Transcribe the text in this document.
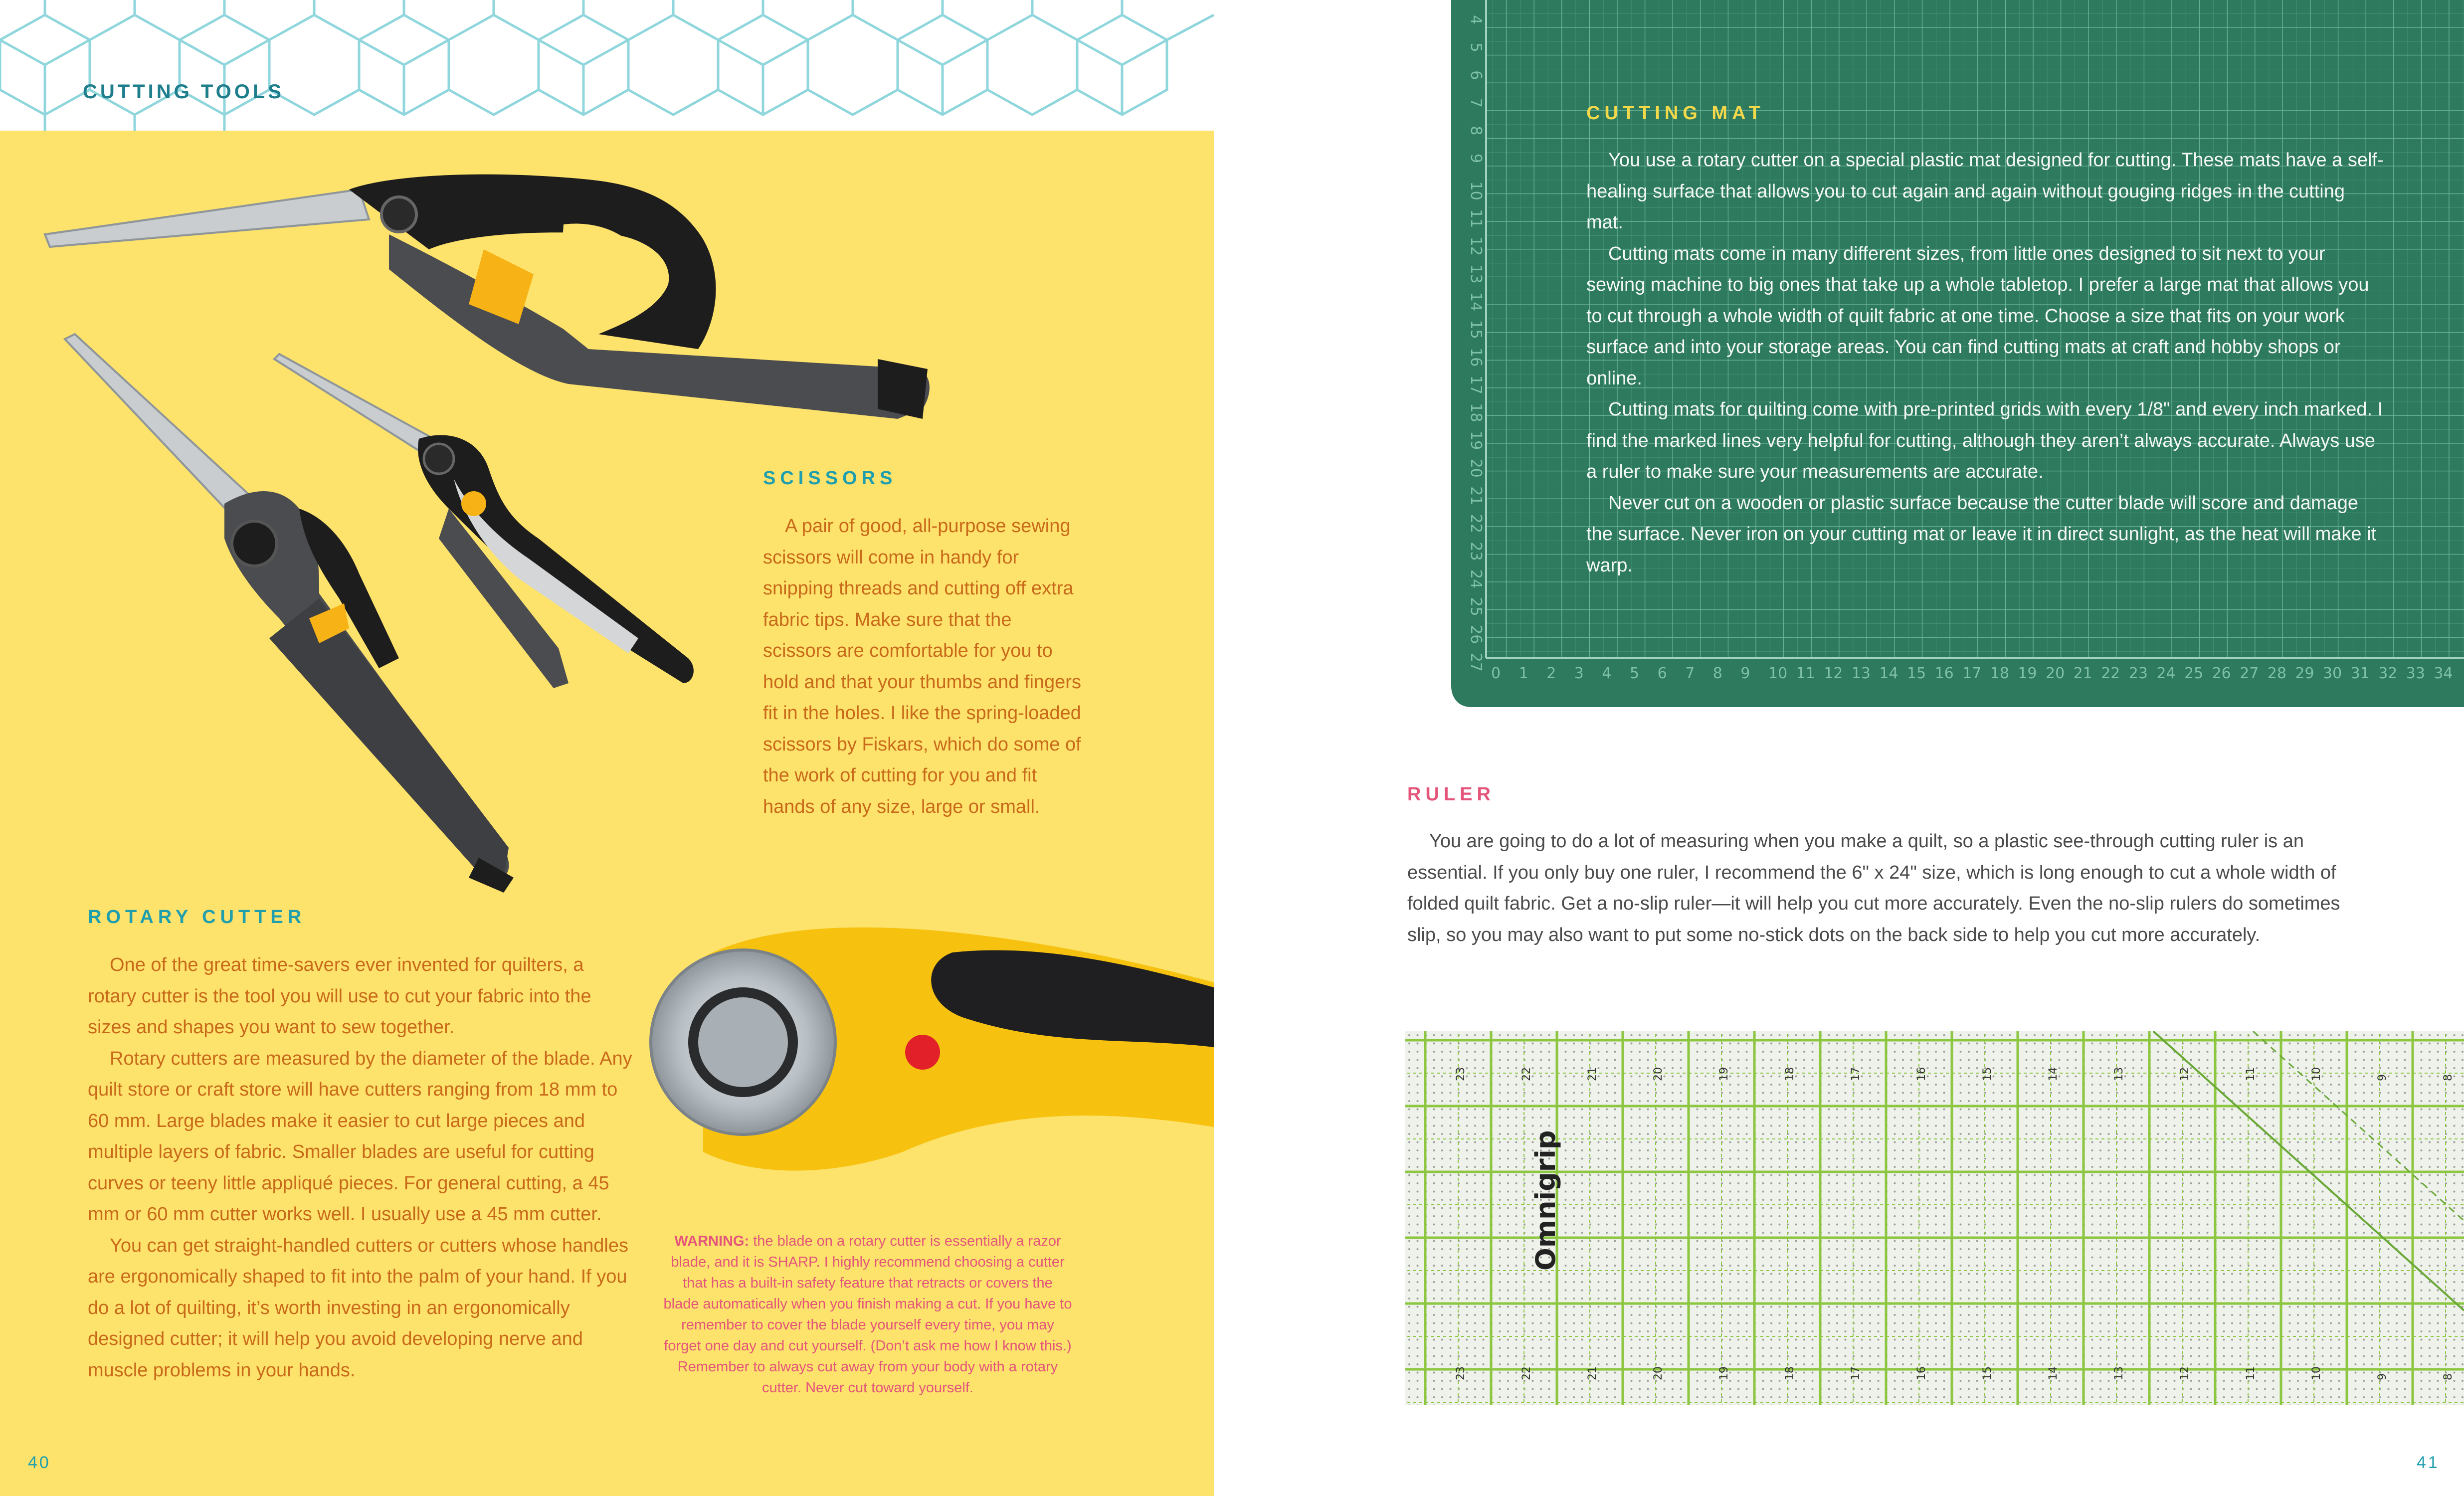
CUTTING TOOLS
SCISSORS

A pair of good, all-purpose sewing scissors will come in handy for snipping threads and cutting off extra fabric tips. Make sure that the scissors are comfortable for you to hold and that your thumbs and fingers fit in the holes. I like the spring-loaded scissors by Fiskars, which do some of the work of cutting for you and fit hands of any size, large or small.

ROTARY CUTTER

One of the great time-savers ever invented for quilters, a rotary cutter is the tool you will use to cut your fabric into the sizes and shapes you want to sew together.

Rotary cutters are measured by the diameter of the blade. Any quilt store or craft store will have cutters ranging from 18 mm to 60 mm. Large blades make it easier to cut large pieces and multiple layers of fabric. Smaller blades are useful for cutting curves or teeny little appliqué pieces. For general cutting, a 45 mm or 60 mm cutter works well. I usually use a 45 mm cutter.

You can get straight-handled cutters or cutters whose handles are ergonomically shaped to fit into the palm of your hand. If you do a lot of quilting, it’s worth investing in an ergonomically designed cutter; it will help you avoid developing nerve and muscle problems in your hands.

WARNING: the blade on a rotary cutter is essentially a razor blade, and it is SHARP. I highly recommend choosing a cutter that has a built-in safety feature that retracts or covers the blade automatically when you finish making a cut. If you have to remember to cover the blade yourself every time, you may forget one day and cut yourself. (Don’t ask me how I know this.) Remember to always cut away from your body with a rotary cutter. Never cut toward yourself.
40
4
5
6
7
8
9
10
11
12
13
14
15
16
17
18
19
20
21
22
23
24
25
26
27
0 1 2 3 4 5 6 7 8 9 10 11 12 13 14 15 16 17 18 19 20 21 22 23 24 25 26 27 28 29 30 31 32 33 34
CUTTING MAT

You use a rotary cutter on a special plastic mat designed for cutting. These mats have a self-healing surface that allows you to cut again and again without gouging ridges in the cutting mat.

Cutting mats come in many different sizes, from little ones designed to sit next to your sewing machine to big ones that take up a whole tabletop. I prefer a large mat that allows you to cut through a whole width of quilt fabric at one time. Choose a size that fits on your work surface and into your storage areas. You can find cutting mats at craft and hobby shops or online.

Cutting mats for quilting come with pre-printed grids with every 1/8" and every inch marked. I find the marked lines very helpful for cutting, although they aren’t always accurate. Always use a ruler to make sure your measurements are accurate.

Never cut on a wooden or plastic surface because the cutter blade will score and damage the surface. Never iron on your cutting mat or leave it in direct sunlight, as the heat will make it warp.

RULER

You are going to do a lot of measuring when you make a quilt, so a plastic see-through cutting ruler is an essential. If you only buy one ruler, I recommend the 6" x 24" size, which is long enough to cut a whole width of folded quilt fabric. Get a no-slip ruler—it will help you cut more accurately. Even the no-slip rulers do sometimes slip, so you may also want to put some no-stick dots on the back side to help you cut more accurately.

Omnigrip
23
23
22
22
21
21
20
20
19
19
18
18
17
17
16
16
15
15
14
14
13
13
12
12
11
11
10
10
9
9
8
8
41
